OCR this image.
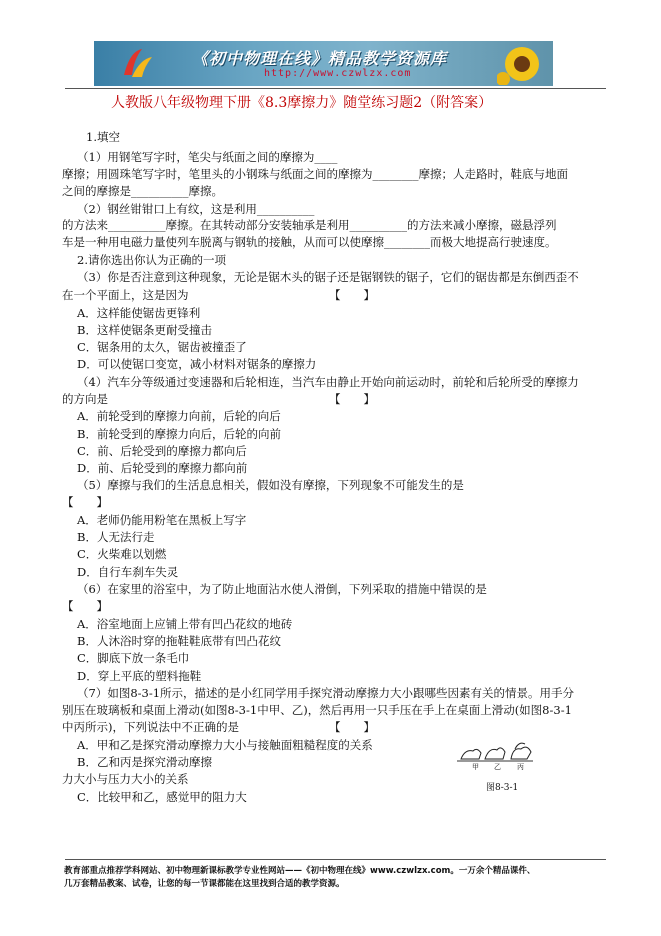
《初中物理在线》精品教学资源库
http://www.czwlzx.com
人教版八年级物理下册《8.3摩擦力》随堂练习题2（附答案）
1.填空
（1）用钢笔写字时，笔尖与纸面之间的摩擦为____
摩擦；用圆珠笔写字时，笔里头的小钢珠与纸面之间的摩擦为________摩擦；人走路时，鞋底与地面
之间的摩擦是__________摩擦。
（2）钢丝钳钳口上有纹，这是利用__________
的方法来__________摩擦。在其转动部分安装轴承是利用__________的方法来减小摩擦，磁悬浮列
车是一种用电磁力量使列车脱离与钢轨的接触，从而可以使摩擦________而极大地提高行驶速度。
2.请你选出你认为正确的一项
（3）你是否注意到这种现象，无论是锯木头的锯子还是锯钢铁的锯子，它们的锯齿都是东倒西歪不
在一个平面上，这是因为	【　　】
A．这样能使锯齿更锋利
B．这样使锯条更耐受撞击
C．锯条用的太久，锯齿被撞歪了
D．可以使锯口变宽，减小材料对锯条的摩擦力
（4）汽车分等级通过变速器和后轮相连，当汽车由静止开始向前运动时，前轮和后轮所受的摩擦力
的方向是	【　　】
A．前轮受到的摩擦力向前，后轮的向后
B．前轮受到的摩擦力向后，后轮的向前
C．前、后轮受到的摩擦力都向后
D．前、后轮受到的摩擦力都向前
（5）摩擦与我们的生活息息相关，假如没有摩擦，下列现象不可能发生的是
【　　】
A．老师仍能用粉笔在黑板上写字
B．人无法行走
C．火柴难以划燃
D．自行车刹车失灵
（6）在家里的浴室中，为了防止地面沾水使人滑倒，下列采取的措施中错误的是
【　　】
A．浴室地面上应铺上带有凹凸花纹的地砖
B．人沐浴时穿的拖鞋鞋底带有凹凸花纹
C．脚底下放一条毛巾
D．穿上平底的塑料拖鞋
（7）如图8-3-1所示，描述的是小红同学用手探究滑动摩擦力大小跟哪些因素有关的情景。用手分
别压在玻璃板和桌面上滑动(如图8-3-1中甲、乙)，然后再用一只手压在手上在桌面上滑动(如图8-3-1
中丙所示)，下列说法中不正确的是	【　　】
A．甲和乙是探究滑动摩擦力大小与接触面粗糙程度的关系
B．乙和丙是探究滑动摩擦
力大小与压力大小的关系
C．比较甲和乙，感觉甲的阻力大
甲 乙 丙
图8-3-1
教育部重点推荐学科网站、初中物理新课标教学专业性网站——《初中物理在线》www.czwlzx.com。一万余个精品课件、
几万套精品教案、试卷，让您的每一节课都能在这里找到合适的教学资源。
